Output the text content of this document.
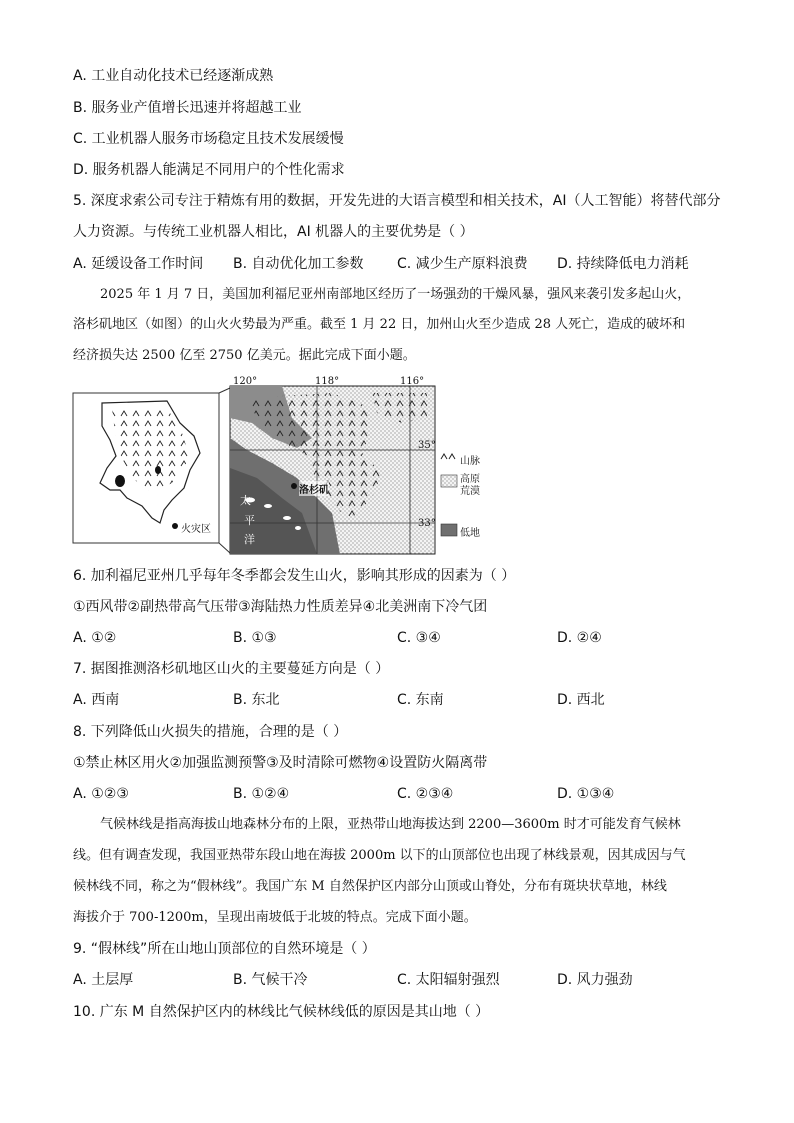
A. 工业自动化技术已经逐渐成熟
B. 服务业产值增长迅速并将超越工业
C. 工业机器人服务市场稳定且技术发展缓慢
D. 服务机器人能满足不同用户的个性化需求
5. 深度求索公司专注于精炼有用的数据，开发先进的大语言模型和相关技术，AI（人工智能）将替代部分
人力资源。与传统工业机器人相比，AI 机器人的主要优势是（ ）
A. 延缓设备工作时间 B. 自动优化加工参数 C. 减少生产原料浪费 D. 持续降低电力消耗
2025 年 1 月 7 日，美国加利福尼亚州南部地区经历了一场强劲的干燥风暴，强风来袭引发多起山火，
洛杉矶地区（如图）的山火火势最为严重。截至 1 月 22 日，加州山火至少造成 28 人死亡，造成的破坏和
经济损失达 2500 亿至 2750 亿美元。据此完成下面小题。
120°	118°	116°
35°
33°
洛杉矶
太
平
洋
火灾区
山脉
高原
荒漠
低地
6. 加利福尼亚州几乎每年冬季都会发生山火，影响其形成的因素为（ ）
①西风带②副热带高气压带③海陆热力性质差异④北美洲南下冷气团
A. ①②	B. ①③	C. ③④	D. ②④
7. 据图推测洛杉矶地区山火的主要蔓延方向是（ ）
A. 西南	B. 东北	C. 东南	D. 西北
8. 下列降低山火损失的措施，合理的是（ ）
①禁止林区用火②加强监测预警③及时清除可燃物④设置防火隔离带
A. ①②③	B. ①②④	C. ②③④	D. ①③④
气候林线是指高海拔山地森林分布的上限，亚热带山地海拔达到 2200—3600m 时才可能发育气候林
线。但有调查发现，我国亚热带东段山地在海拔 2000m 以下的山顶部位也出现了林线景观，因其成因与气
候林线不同，称之为“假林线”。我国广东 M 自然保护区内部分山顶或山脊处，分布有斑块状草地，林线
海拔介于 700-1200m，呈现出南坡低于北坡的特点。完成下面小题。
9. “假林线”所在山地山顶部位的自然环境是（ ）
A. 土层厚	B. 气候干冷	C. 太阳辐射强烈	D. 风力强劲
10. 广东 M 自然保护区内的林线比气候林线低的原因是其山地（ ）
